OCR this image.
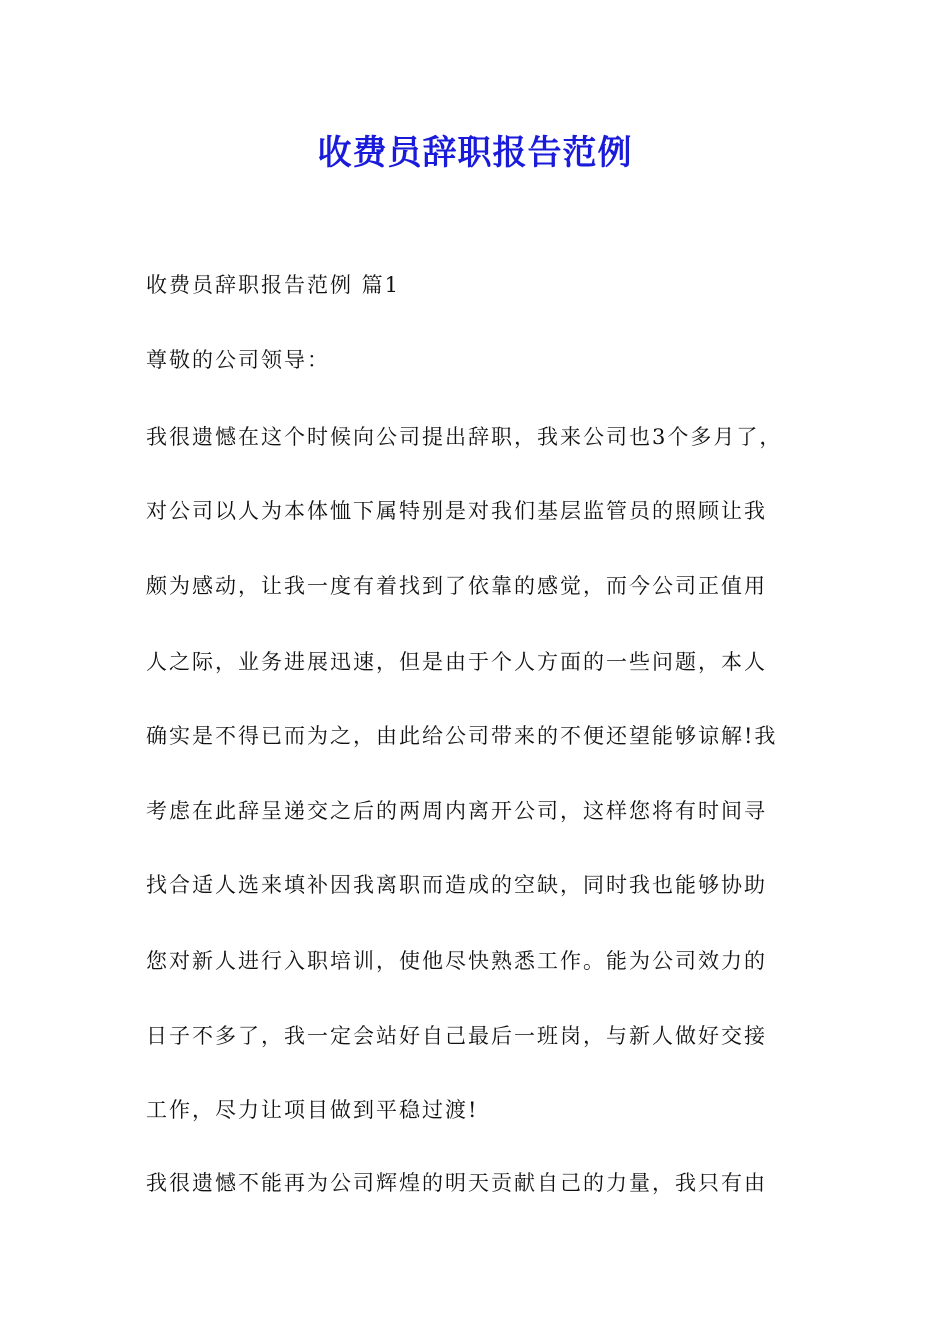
收费员辞职报告范例
收费员辞职报告范例 篇1
尊敬的公司领导：
我很遗憾在这个时候向公司提出辞职，我来公司也3个多月了，
对公司以人为本体恤下属特别是对我们基层监管员的照顾让我
颇为感动，让我一度有着找到了依靠的感觉，而今公司正值用
人之际，业务进展迅速，但是由于个人方面的一些问题，本人
确实是不得已而为之，由此给公司带来的不便还望能够谅解!我
考虑在此辞呈递交之后的两周内离开公司，这样您将有时间寻
找合适人选来填补因我离职而造成的空缺，同时我也能够协助
您对新人进行入职培训，使他尽快熟悉工作。能为公司效力的
日子不多了，我一定会站好自己最后一班岗，与新人做好交接
工作，尽力让项目做到平稳过渡!
我很遗憾不能再为公司辉煌的明天贡献自己的力量，我只有由
